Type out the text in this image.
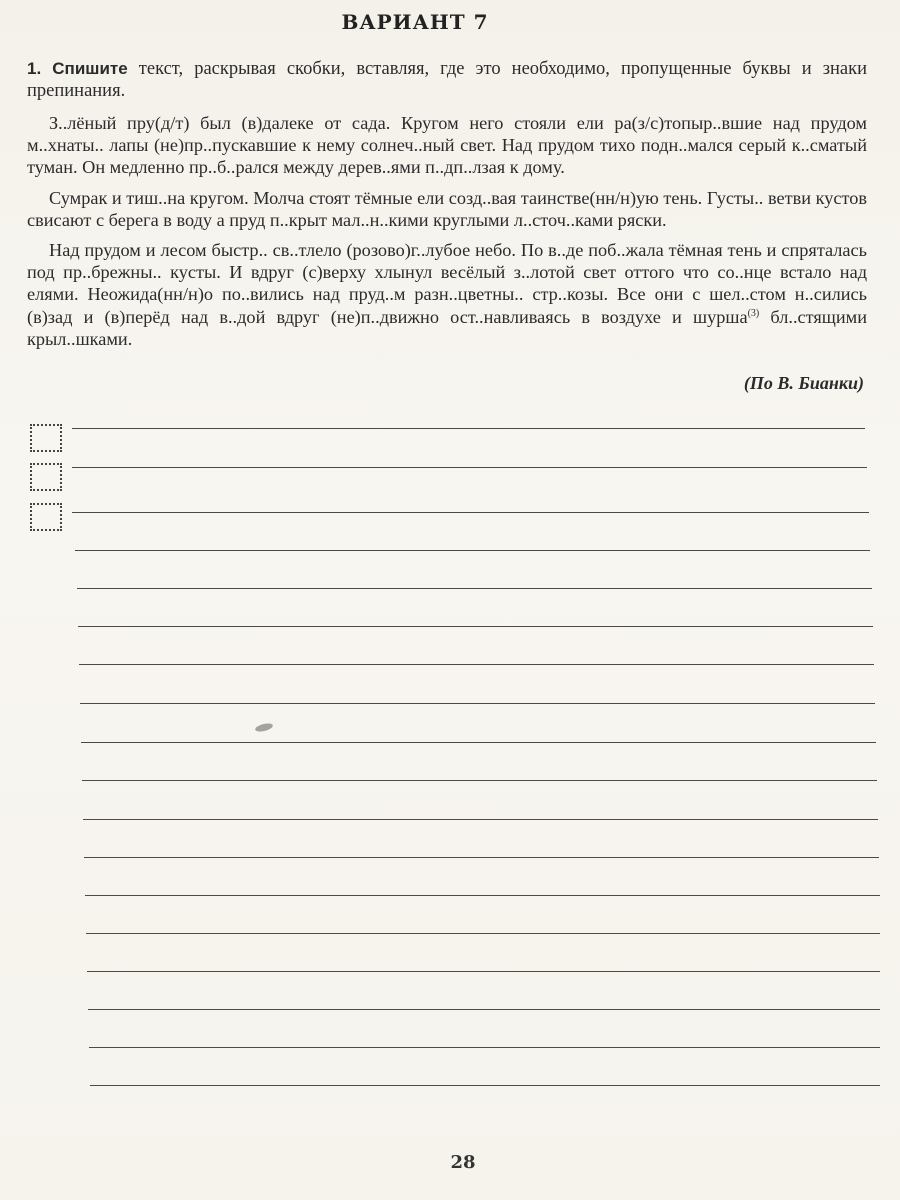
ВАРИАНТ 7
1. Спишите текст, раскрывая скобки, вставляя, где это необходимо, пропущенные буквы и знаки препинания.

З..лёный пру(д/т) был (в)далеке от сада. Кругом него стояли ели ра(з/с)топыр..вшие над прудом м..хнаты.. лапы (не)пр..пускавшие к нему солнеч..ный свет. Над прудом тихо подн..мался серый к..сматый туман. Он медленно пр..б..рался между дерев..ями п..дп..лзая к дому.

Сумрак и тиш..на кругом. Молча стоят тёмные ели созд..вая таинстве(нн/н)ую тень. Густы.. ветви кустов свисают с берега в воду а пруд п..крыт мал..н..кими круглыми л..сточ..ками ряски.

Над прудом и лесом быстр.. св..тлело (розово)г..лубое небо. По в..де поб..жала тёмная тень и спряталась под пр..брежны.. кусты. И вдруг (с)верху хлынул весёлый з..лотой свет оттого что со..нце встало над елями. Неожида(нн/н)о по..вились над пруд..м разн..цветны.. стр..козы. Все они с шел..стом н..сились (в)зад и (в)перёд над в..дой вдруг (не)п..движно ост..навливаясь в воздухе и шурша$^{(3)}$ бл..стящими крыл..шками.

(По В. Бианки)
28
